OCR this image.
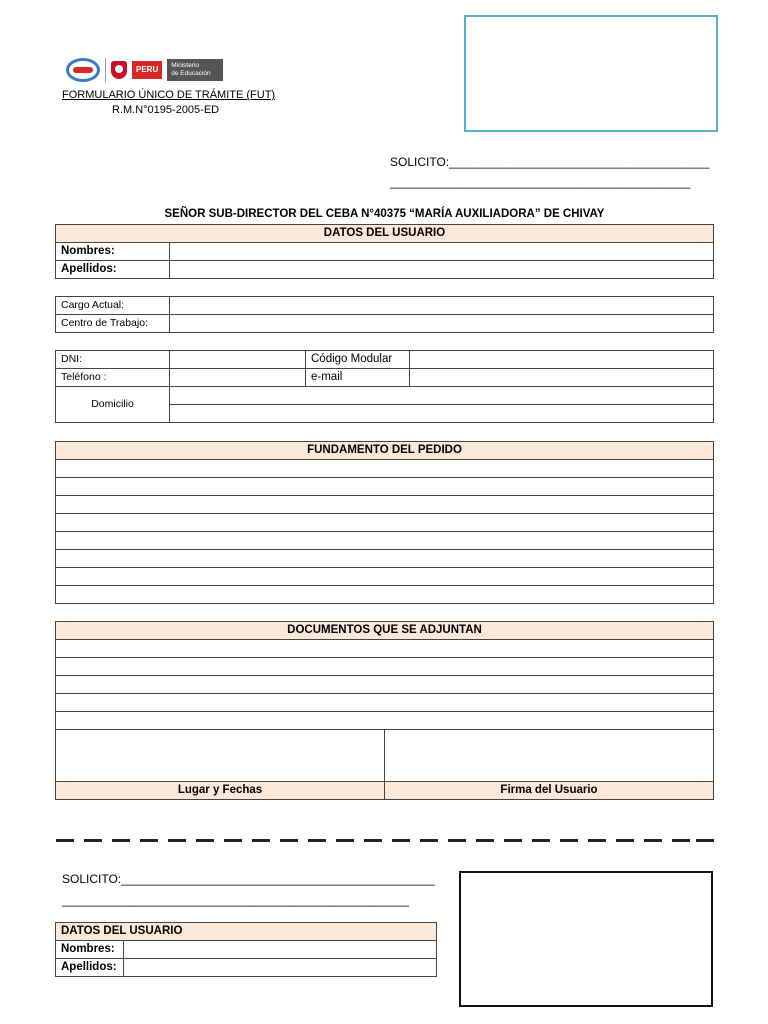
PERU	Ministerio
de Educación
FORMULARIO ÚNICO DE TRÁMITE (FUT)
R.M.N°0195-2005-ED
SOLICITO:_______________________________________
_____________________________________________
SEÑOR SUB-DIRECTOR DEL CEBA N°40375 “MARÍA AUXILIADORA” DE CHIVAY
DATOS DEL USUARIO	
Nombres:	
Apellidos:	
Cargo Actual:	
Centro de Trabajo:	
DNI:		Código Modular	
Teléfono :		e-mail	
Domicilio			

FUNDAMENTO DEL PEDIDO

DOCUMENTOS QUE SE ADJUNTAN	

Lugar y Fechas	Firma del Usuario
SOLICITO:_______________________________________________
____________________________________________________
DATOS DEL USUARIO	
Nombres:	
Apellidos:	
